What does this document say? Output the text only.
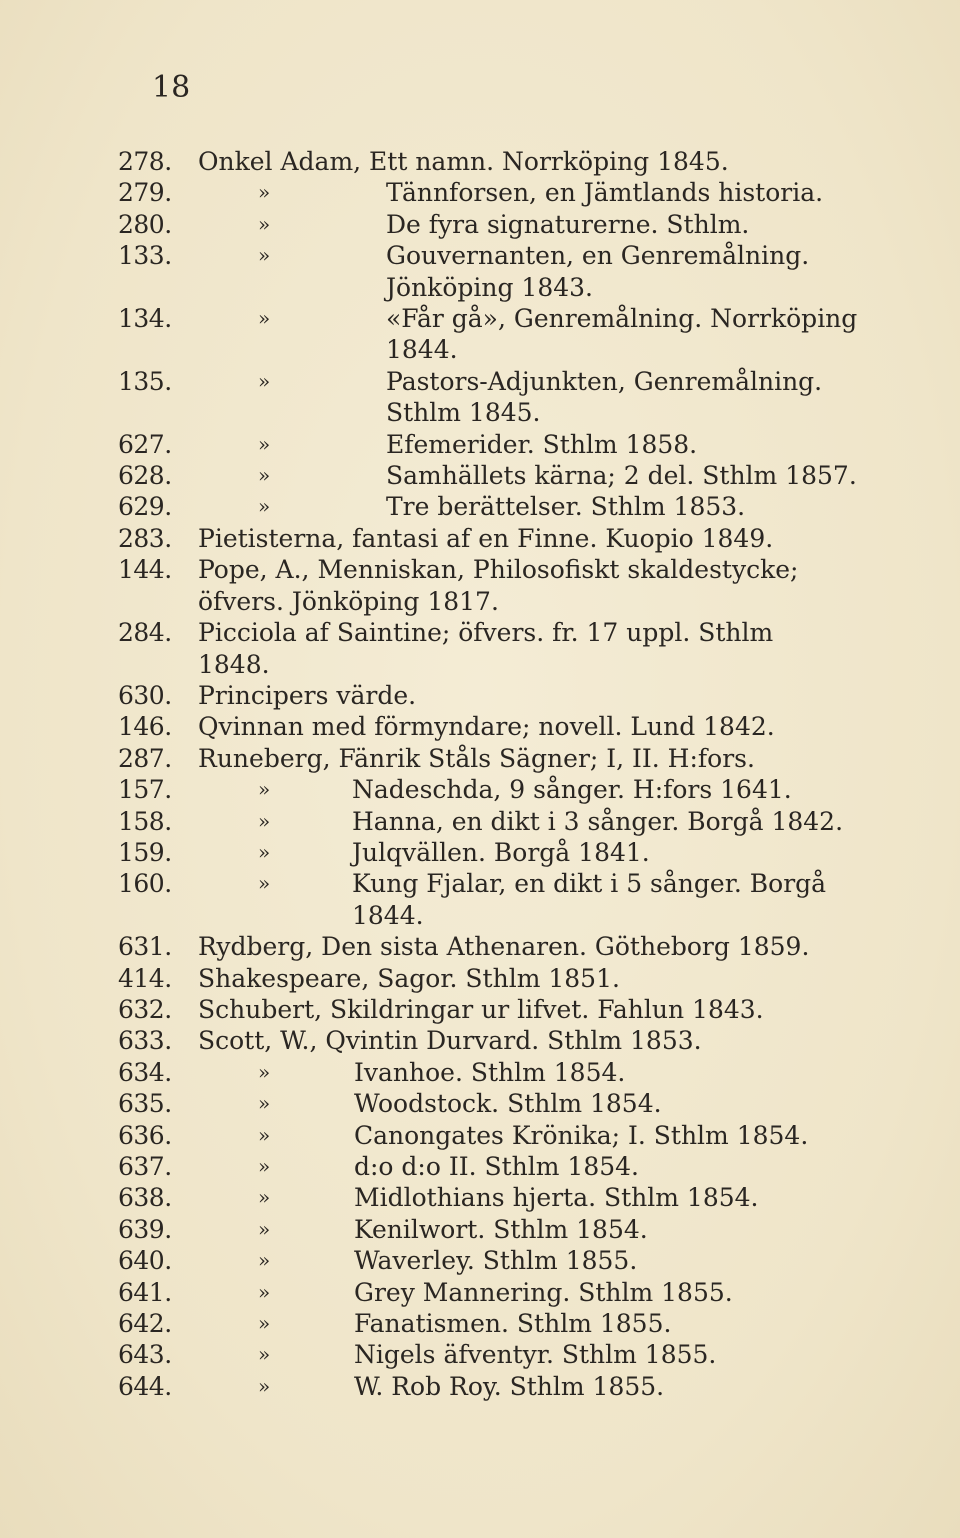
18
278.	Onkel Adam, Ett namn. Norrköping 1845.
279.	»	Tännforsen, en Jämtlands historia.
280.	»	De fyra signaturerne. Sthlm.
133.	»	Gouvernanten, en Genremålning.
Jönköping 1843.
134.	»	«Får gå», Genremålning. Norrköping
1844.
135.	»	Pastors-Adjunkten, Genremålning.
Sthlm 1845.
627.	»	Efemerider. Sthlm 1858.
628.	»	Samhällets kärna; 2 del. Sthlm 1857.
629.	»	Tre berättelser. Sthlm 1853.
283.	Pietisterna, fantasi af en Finne. Kuopio 1849.
144.	Pope, A., Menniskan, Philosofiskt skaldestycke;
öfvers. Jönköping 1817.
284.	Picciola af Saintine; öfvers. fr. 17 uppl. Sthlm
1848.
630.	Principers värde.
146.	Qvinnan med förmyndare; novell. Lund 1842.
287.	Runeberg, Fänrik Ståls Sägner; I, II. H:fors.
157.	»	Nadeschda, 9 sånger. H:fors 1641.
158.	»	Hanna, en dikt i 3 sånger. Borgå 1842.
159.	»	Julqvällen. Borgå 1841.
160.	»	Kung Fjalar, en dikt i 5 sånger. Borgå
1844.
631.	Rydberg, Den sista Athenaren. Götheborg 1859.
414.	Shakespeare, Sagor. Sthlm 1851.
632.	Schubert, Skildringar ur lifvet. Fahlun 1843.
633.	Scott, W., Qvintin Durvard. Sthlm 1853.
634.	»	Ivanhoe. Sthlm 1854.
635.	»	Woodstock. Sthlm 1854.
636.	»	Canongates Krönika; I. Sthlm 1854.
637.	»	d:o d:o II. Sthlm 1854.
638.	»	Midlothians hjerta. Sthlm 1854.
639.	»	Kenilwort. Sthlm 1854.
640.	»	Waverley. Sthlm 1855.
641.	»	Grey Mannering. Sthlm 1855.
642.	»	Fanatismen. Sthlm 1855.
643.	»	Nigels äfventyr. Sthlm 1855.
644.	»	W. Rob Roy. Sthlm 1855.
